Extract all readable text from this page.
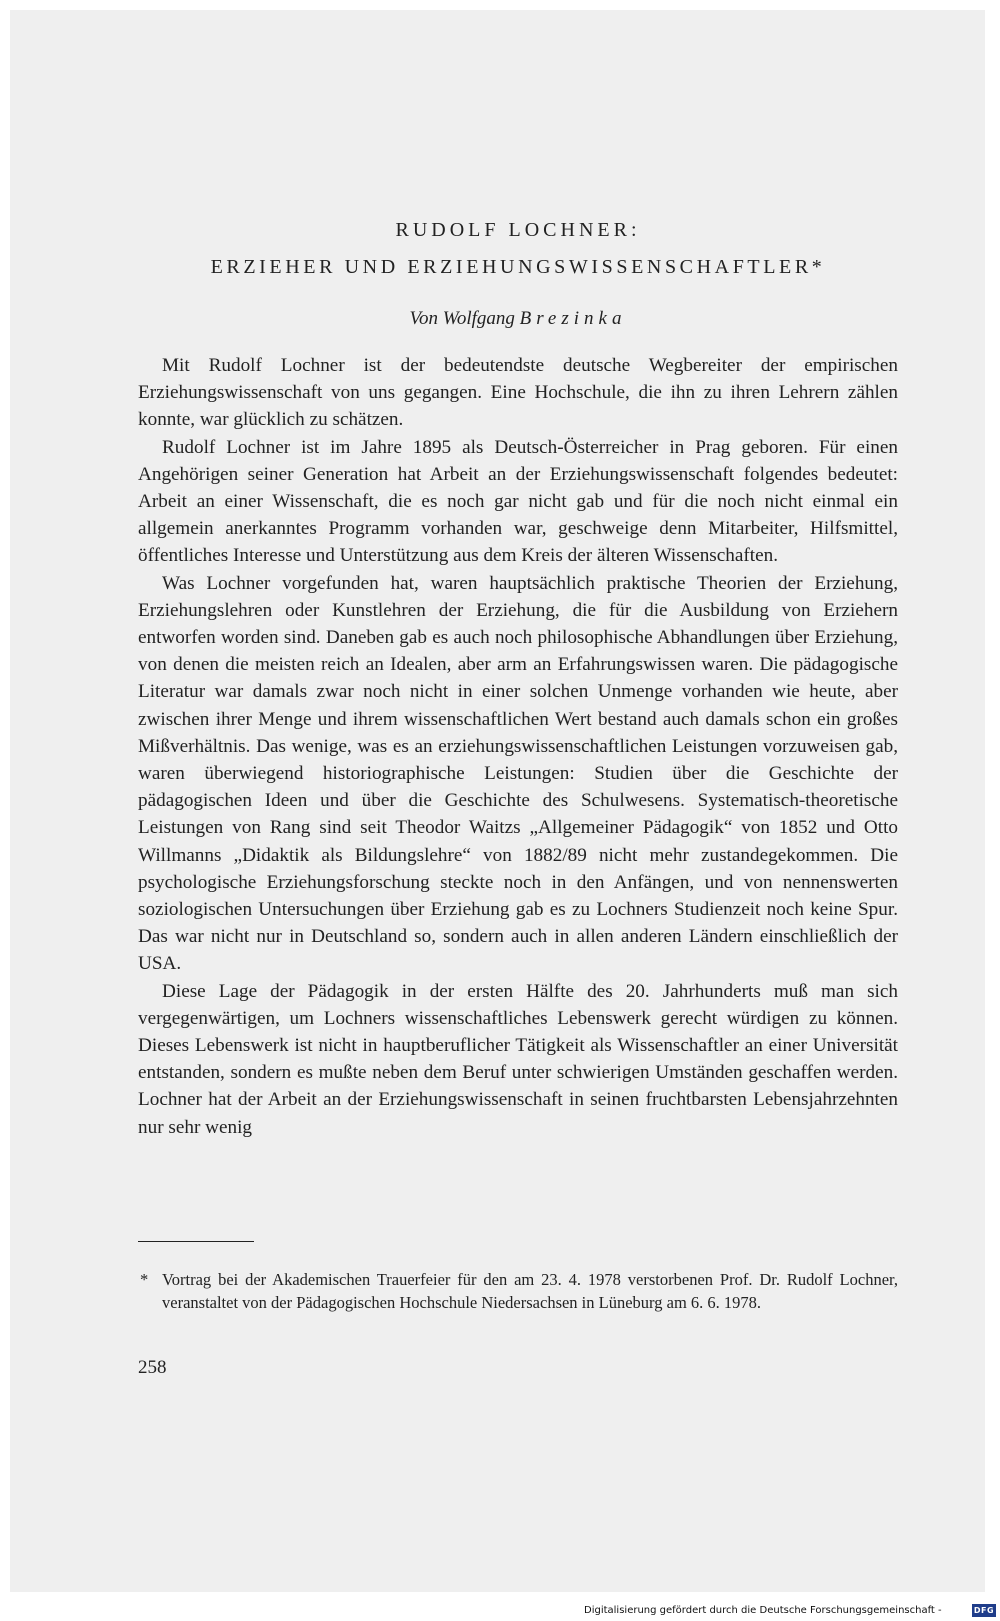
RUDOLF LOCHNER:
ERZIEHER UND ERZIEHUNGSWISSENSCHAFTLER*
Von Wolfgang Brezinka

Mit Rudolf Lochner ist der bedeutendste deutsche Wegbereiter der empirischen Erziehungswissenschaft von uns gegangen. Eine Hochschule, die ihn zu ihren Lehrern zählen konnte, war glücklich zu schätzen.

Rudolf Lochner ist im Jahre 1895 als Deutsch-Österreicher in Prag geboren. Für einen Angehörigen seiner Generation hat Arbeit an der Erziehungswissenschaft folgendes bedeutet: Arbeit an einer Wissenschaft, die es noch gar nicht gab und für die noch nicht einmal ein allgemein anerkanntes Programm vorhanden war, geschweige denn Mitarbeiter, Hilfsmittel, öffentliches Interesse und Unterstützung aus dem Kreis der älteren Wissenschaften.

Was Lochner vorgefunden hat, waren hauptsächlich praktische Theorien der Erziehung, Erziehungslehren oder Kunstlehren der Erziehung, die für die Ausbildung von Erziehern entworfen worden sind. Daneben gab es auch noch philosophische Abhandlungen über Erziehung, von denen die meisten reich an Idealen, aber arm an Erfahrungswissen waren. Die pädagogische Literatur war damals zwar noch nicht in einer solchen Unmenge vorhanden wie heute, aber zwischen ihrer Menge und ihrem wissenschaftlichen Wert bestand auch damals schon ein großes Mißverhältnis. Das wenige, was es an erziehungswissenschaftlichen Leistungen vorzuweisen gab, waren überwiegend historiographische Leistungen: Studien über die Geschichte der pädagogischen Ideen und über die Geschichte des Schulwesens. Systematisch-theoretische Leistungen von Rang sind seit Theodor Waitzs „Allgemeiner Pädagogik“ von 1852 und Otto Willmanns „Didaktik als Bildungslehre“ von 1882/89 nicht mehr zustandegekommen. Die psychologische Erziehungsforschung steckte noch in den Anfängen, und von nennenswerten soziologischen Untersuchungen über Erziehung gab es zu Lochners Studienzeit noch keine Spur. Das war nicht nur in Deutschland so, sondern auch in allen anderen Ländern einschließlich der USA.

Diese Lage der Pädagogik in der ersten Hälfte des 20. Jahrhunderts muß man sich vergegenwärtigen, um Lochners wissenschaftliches Lebenswerk gerecht würdigen zu können. Dieses Lebenswerk ist nicht in hauptberuflicher Tätigkeit als Wissenschaftler an einer Universität entstanden, sondern es mußte neben dem Beruf unter schwierigen Umständen geschaffen werden. Lochner hat der Arbeit an der Erziehungswissenschaft in seinen fruchtbarsten Lebensjahrzehnten nur sehr wenig

* Vortrag bei der Akademischen Trauerfeier für den am 23. 4. 1978 verstorbenen Prof. Dr. Rudolf Lochner, veranstaltet von der Pädagogischen Hochschule Niedersachsen in Lüneburg am 6. 6. 1978.
258
Digitalisierung gefördert durch die Deutsche Forschungsgemeinschaft -	DFG
